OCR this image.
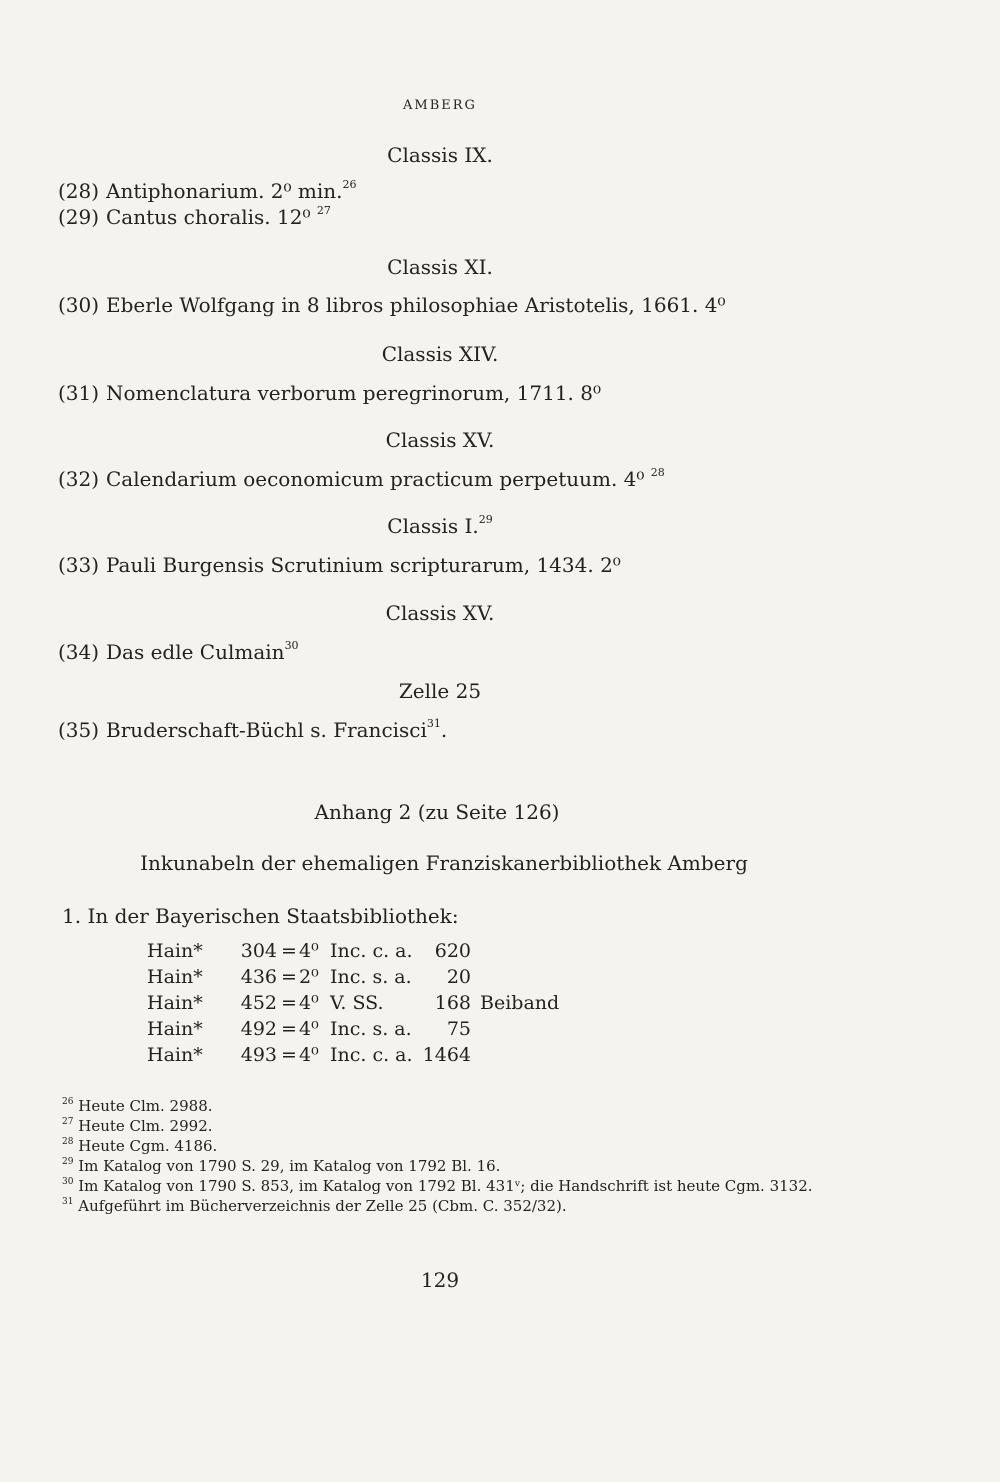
AMBERG
Classis IX.
(28) Antiphonarium. 2⁰ min.$^{26}$
(29) Cantus choralis. 12⁰ $^{27}$
Classis XI.
(30) Eberle Wolfgang in 8 libros philosophiae Aristotelis, 1661. 4⁰
Classis XIV.
(31) Nomenclatura verborum peregrinorum, 1711. 8⁰
Classis XV.
(32) Calendarium oeconomicum practicum perpetuum. 4⁰ $^{28}$
Classis I.$^{29}$
(33) Pauli Burgensis Scrutinium scripturarum, 1434. 2⁰
Classis XV.
(34) Das edle Culmain$^{30}$
Zelle 25
(35) Bruderschaft-Büchl s. Francisci$^{31}$.
Anhang 2 (zu Seite 126)
Inkunabeln der ehemaligen Franziskanerbibliothek Amberg
1. In der Bayerischen Staatsbibliothek:
Hain* 304 = 4⁰ Inc. c. a.	620
Hain* 436 = 2⁰ Inc. s. a.	20
Hain* 452 = 4⁰ V. SS.	168 Beiband
Hain* 492 = 4⁰ Inc. s. a.	75
Hain* 493 = 4⁰ Inc. c. a. 1464
$^{26}$ Heute Clm. 2988.
$^{27}$ Heute Clm. 2992.
$^{28}$ Heute Cgm. 4186.
$^{29}$ Im Katalog von 1790 S. 29, im Katalog von 1792 Bl. 16.
$^{30}$ Im Katalog von 1790 S. 853, im Katalog von 1792 Bl. 431ᵛ; die Handschrift ist heute Cgm. 3132.
$^{31}$ Aufgeführt im Bücherverzeichnis der Zelle 25 (Cbm. C. 352/32).
129
